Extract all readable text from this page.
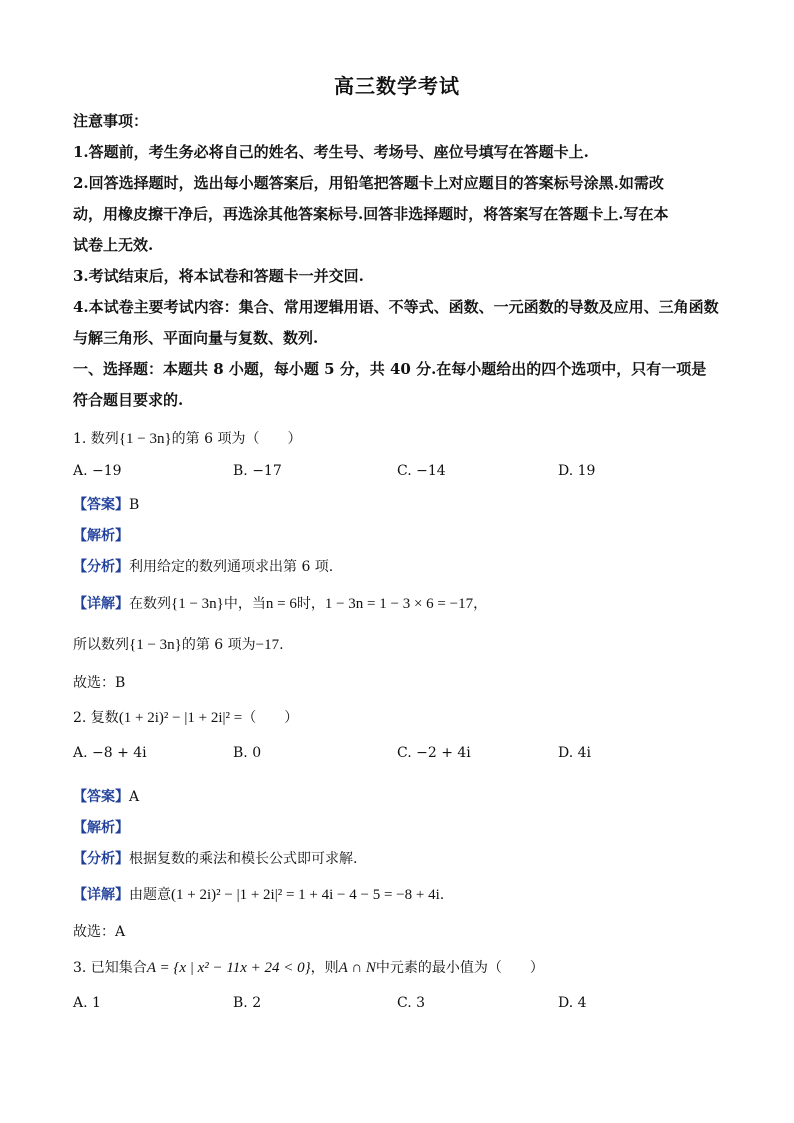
高三数学考试
注意事项：
1.答题前，考生务必将自己的姓名、考生号、考场号、座位号填写在答题卡上.
2.回答选择题时，选出每小题答案后，用铅笔把答题卡上对应题目的答案标号涂黑.如需改
动，用橡皮擦干净后，再选涂其他答案标号.回答非选择题时，将答案写在答题卡上.写在本
试卷上无效.
3.考试结束后，将本试卷和答题卡一并交回.
4.本试卷主要考试内容：集合、常用逻辑用语、不等式、函数、一元函数的导数及应用、三角函数
与解三角形、平面向量与复数、数列.
一、选择题：本题共 8 小题，每小题 5 分，共 40 分.在每小题给出的四个选项中，只有一项是
符合题目要求的.
1. 数列{1 − 3n}的第 6 项为（　　）
A. −19	B. −17	C. −14	D. 19
【答案】B
【解析】
【分析】利用给定的数列通项求出第 6 项.
【详解】在数列{1 − 3n}中，当n = 6时，1 − 3n = 1 − 3 × 6 = −17，
所以数列{1 − 3n}的第 6 项为−17.
故选：B
2. 复数(1 + 2i)² − |1 + 2i|² =（　　）
A. −8 + 4i	B. 0	C. −2 + 4i	D. 4i
【答案】A
【解析】
【分析】根据复数的乘法和模长公式即可求解.
【详解】由题意(1 + 2i)² − |1 + 2i|² = 1 + 4i − 4 − 5 = −8 + 4i.
故选：A
3. 已知集合A = {x | x² − 11x + 24 < 0}，则A ∩ N中元素的最小值为（　　）
A. 1	B. 2	C. 3	D. 4
